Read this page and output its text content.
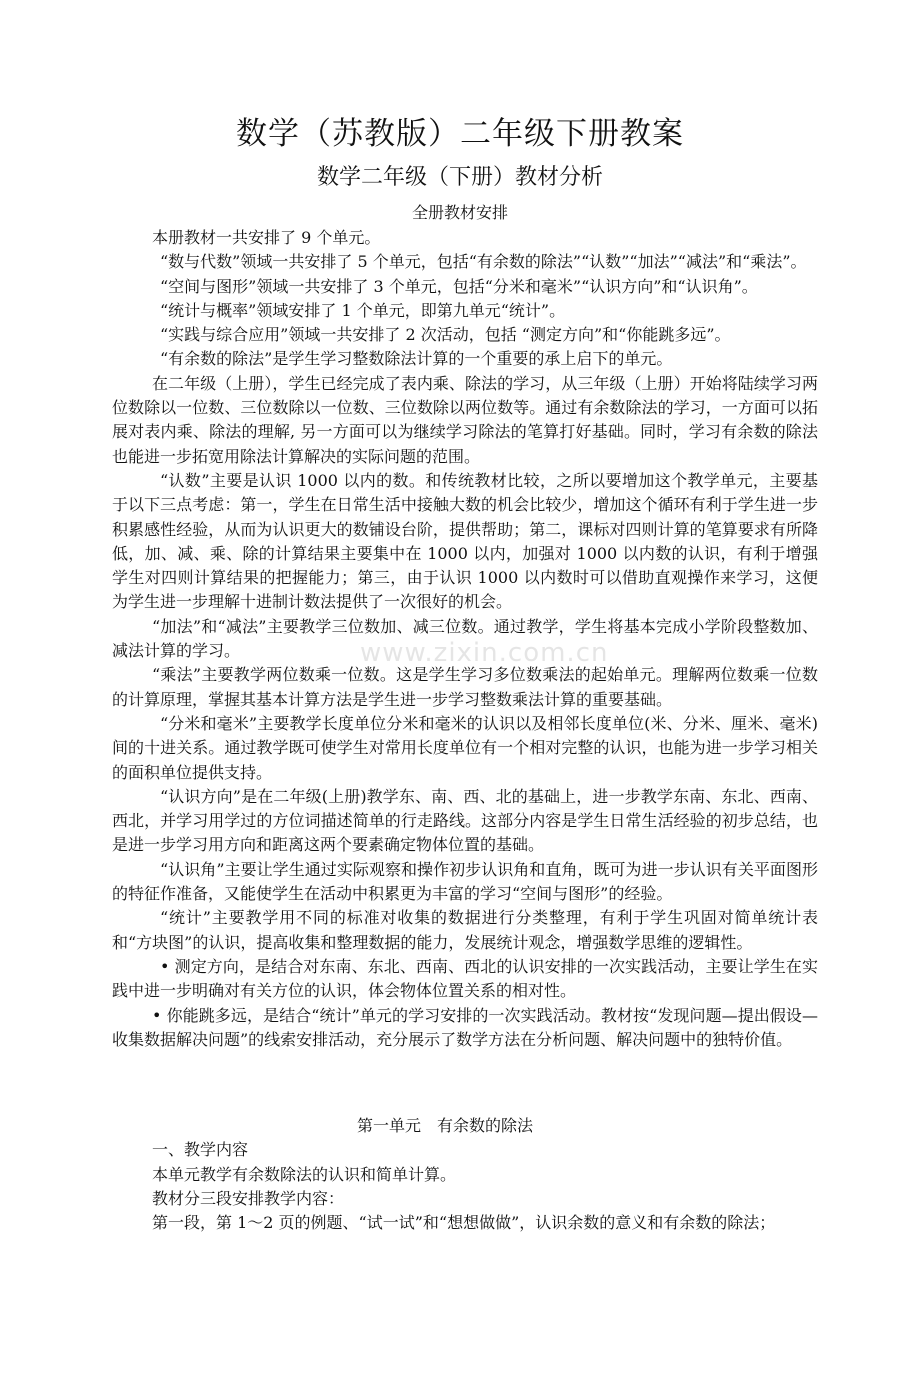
数学（苏教版）二年级下册教案
数学二年级（下册）教材分析
全册教材安排

本册教材一共安排了 9 个单元。

“数与代数”领域一共安排了 5 个单元，包括“有余数的除法”“认数”“加法”“减法”和“乘法”。

“空间与图形”领域一共安排了 3 个单元，包括“分米和毫米”“认识方向”和“认识角”。

“统计与概率”领域安排了 1 个单元，即第九单元“统计”。

“实践与综合应用”领域一共安排了 2 次活动，包括 “测定方向”和“你能跳多远”。

“有余数的除法”是学生学习整数除法计算的一个重要的承上启下的单元。

在二年级（上册），学生已经完成了表内乘、除法的学习，从三年级（上册）开始将陆续学习两位数除以一位数、三位数除以一位数、三位数除以两位数等。通过有余数除法的学习，一方面可以拓展对表内乘、除法的理解, 另一方面可以为继续学习除法的笔算打好基础。同时，学习有余数的除法也能进一步拓宽用除法计算解决的实际问题的范围。

“认数”主要是认识 1000 以内的数。和传统教材比较，之所以要增加这个教学单元，主要基于以下三点考虑：第一，学生在日常生活中接触大数的机会比较少，增加这个循环有利于学生进一步积累感性经验，从而为认识更大的数铺设台阶，提供帮助；第二，课标对四则计算的笔算要求有所降低，加、减、乘、除的计算结果主要集中在 1000 以内，加强对 1000 以内数的认识，有利于增强学生对四则计算结果的把握能力；第三，由于认识 1000 以内数时可以借助直观操作来学习，这便为学生进一步理解十进制计数法提供了一次很好的机会。

“加法”和“减法”主要教学三位数加、减三位数。通过教学，学生将基本完成小学阶段整数加、减法计算的学习。

“乘法”主要教学两位数乘一位数。这是学生学习多位数乘法的起始单元。理解两位数乘一位数的计算原理，掌握其基本计算方法是学生进一步学习整数乘法计算的重要基础。

“分米和毫米”主要教学长度单位分米和毫米的认识以及相邻长度单位(米、分米、厘米、毫米)间的十进关系。通过教学既可使学生对常用长度单位有一个相对完整的认识，也能为进一步学习相关的面积单位提供支持。

“认识方向”是在二年级(上册)教学东、南、西、北的基础上，进一步教学东南、东北、西南、西北，并学习用学过的方位词描述简单的行走路线。这部分内容是学生日常生活经验的初步总结，也是进一步学习用方向和距离这两个要素确定物体位置的基础。

“认识角”主要让学生通过实际观察和操作初步认识角和直角，既可为进一步认识有关平面图形的特征作准备，又能使学生在活动中积累更为丰富的学习“空间与图形”的经验。

“统计”主要教学用不同的标准对收集的数据进行分类整理，有利于学生巩固对简单统计表和“方块图”的认识，提高收集和整理数据的能力，发展统计观念，增强数学思维的逻辑性。

• 测定方向，是结合对东南、东北、西南、西北的认识安排的一次实践活动，主要让学生在实践中进一步明确对有关方位的认识，体会物体位置关系的相对性。

• 你能跳多远，是结合“统计”单元的学习安排的一次实践活动。教材按“发现问题—提出假设—收集数据解决问题”的线索安排活动，充分展示了数学方法在分析问题、解决问题中的独特价值。

第一单元　有余数的除法

一、教学内容

本单元教学有余数除法的认识和简单计算。

教材分三段安排教学内容：

第一段，第 1～2 页的例题、“试一试”和“想想做做”，认识余数的意义和有余数的除法；

www.zixin.com.cn
